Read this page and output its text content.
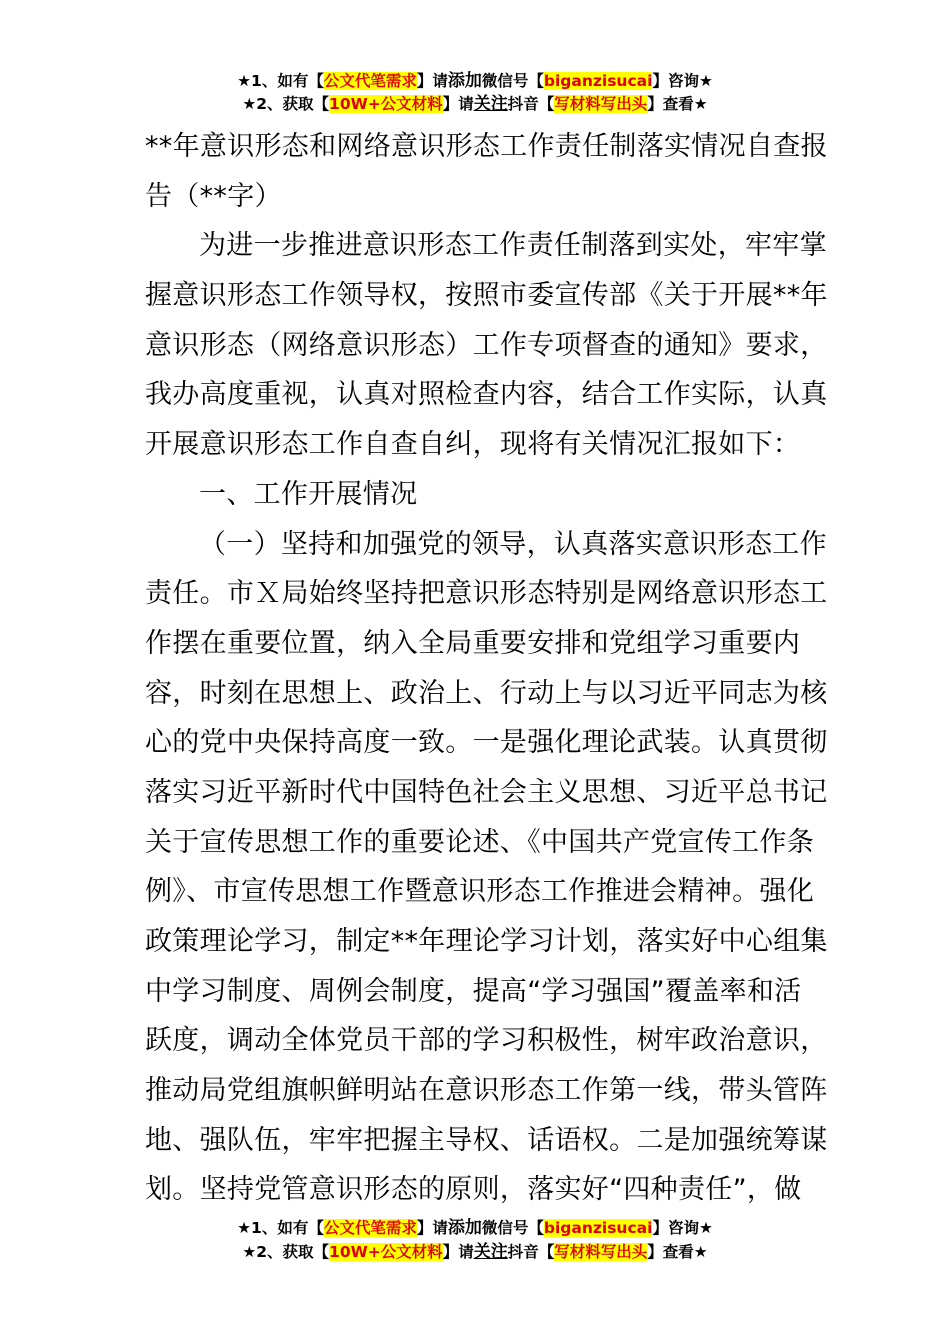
★1、如有【公文代笔需求】请添加微信号【biganzisucai】咨询★
★2、获取【10W+公文材料】请关注抖音【写材料写出头】查看★
**年意识形态和网络意识形态工作责任制落实情况自查报
告（**字）
为进一步推进意识形态工作责任制落到实处，牢牢掌
握意识形态工作领导权，按照市委宣传部《关于开展**年
意识形态（网络意识形态）工作专项督查的通知》要求，
我办高度重视，认真对照检查内容，结合工作实际，认真
开展意识形态工作自查自纠，现将有关情况汇报如下：
一、工作开展情况
（一）坚持和加强党的领导，认真落实意识形态工作
责任。市Ｘ局始终坚持把意识形态特别是网络意识形态工
作摆在重要位置，纳入全局重要安排和党组学习重要内
容，时刻在思想上、政治上、行动上与以习近平同志为核
心的党中央保持高度一致。一是强化理论武装。认真贯彻
落实习近平新时代中国特色社会主义思想、习近平总书记
关于宣传思想工作的重要论述、《中国共产党宣传工作条
例》、市宣传思想工作暨意识形态工作推进会精神。强化
政策理论学习，制定**年理论学习计划，落实好中心组集
中学习制度、周例会制度，提高“学习强国”覆盖率和活
跃度，调动全体党员干部的学习积极性，树牢政治意识，
推动局党组旗帜鲜明站在意识形态工作第一线，带头管阵
地、强队伍，牢牢把握主导权、话语权。二是加强统筹谋
划。坚持党管意识形态的原则，落实好“四种责任”，做
★1、如有【公文代笔需求】请添加微信号【biganzisucai】咨询★
★2、获取【10W+公文材料】请关注抖音【写材料写出头】查看★
